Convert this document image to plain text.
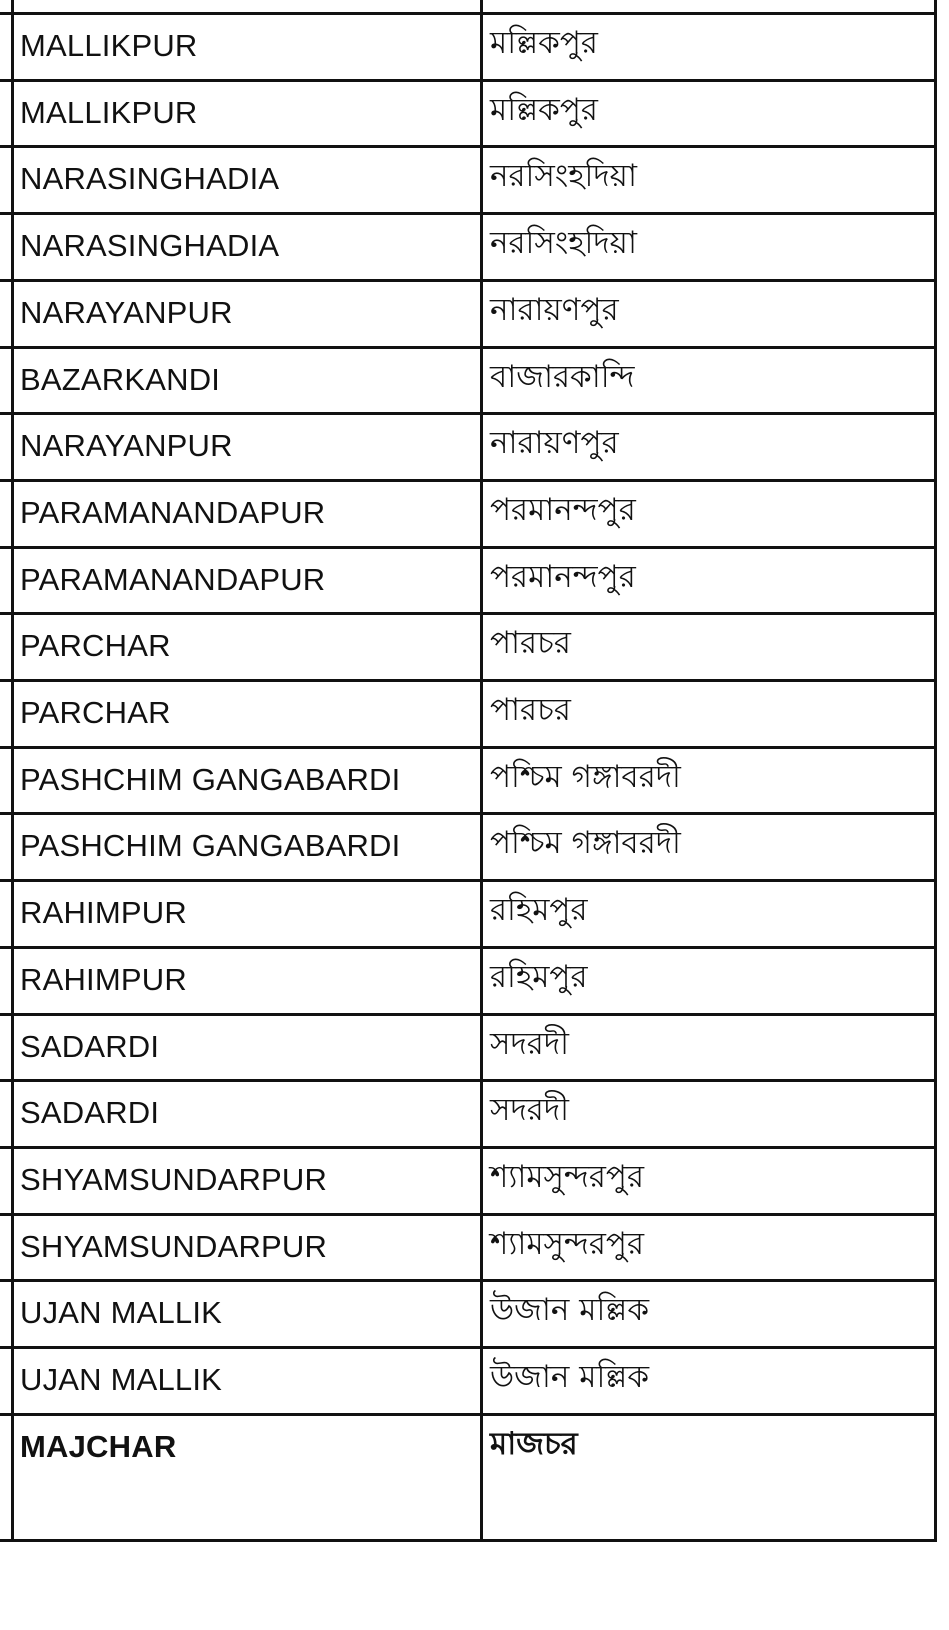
MALLIKPUR	মল্লিকপুর
MALLIKPUR	মল্লিকপুর
NARASINGHADIA	নরসিংহদিয়া
NARASINGHADIA	নরসিংহদিয়া
NARAYANPUR	নারায়ণপুর
BAZARKANDI	বাজারকান্দি
NARAYANPUR	নারায়ণপুর
PARAMANANDAPUR	পরমানন্দপুর
PARAMANANDAPUR	পরমানন্দপুর
PARCHAR	পারচর
PARCHAR	পারচর
PASHCHIM GANGABARDI	পশ্চিম গঙ্গাবরদী
PASHCHIM GANGABARDI	পশ্চিম গঙ্গাবরদী
RAHIMPUR	রহিমপুর
RAHIMPUR	রহিমপুর
SADARDI	সদরদী
SADARDI	সদরদী
SHYAMSUNDARPUR	শ্যামসুন্দরপুর
SHYAMSUNDARPUR	শ্যামসুন্দরপুর
UJAN MALLIK	উজান মল্লিক
UJAN MALLIK	উজান মল্লিক
MAJCHAR	মাজচর
